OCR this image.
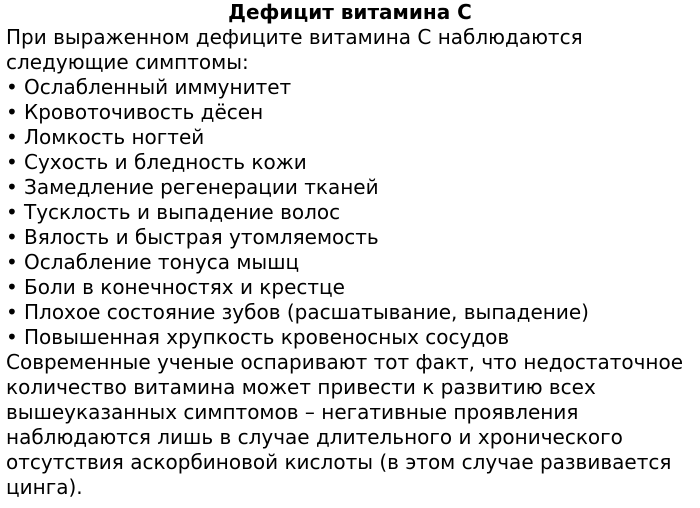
Дефицит витамина С

При выраженном дефиците витамина С наблюдаются следующие симптомы:

• Ослабленный иммунитет
• Кровоточивость дёсен
• Ломкость ногтей
• Сухость и бледность кожи
• Замедление регенерации тканей
• Тусклость и выпадение волос
• Вялость и быстрая утомляемость
• Ослабление тонуса мышц
• Боли в конечностях и крестце
• Плохое состояние зубов (расшатывание, выпадение)
• Повышенная хрупкость кровеносных сосудов

Современные ученые оспаривают тот факт, что недостаточное количество витамина может привести к развитию всех вышеуказанных симптомов – негативные проявления наблюдаются лишь в случае длительного и хронического отсутствия аскорбиновой кислоты (в этом случае развивается цинга).
